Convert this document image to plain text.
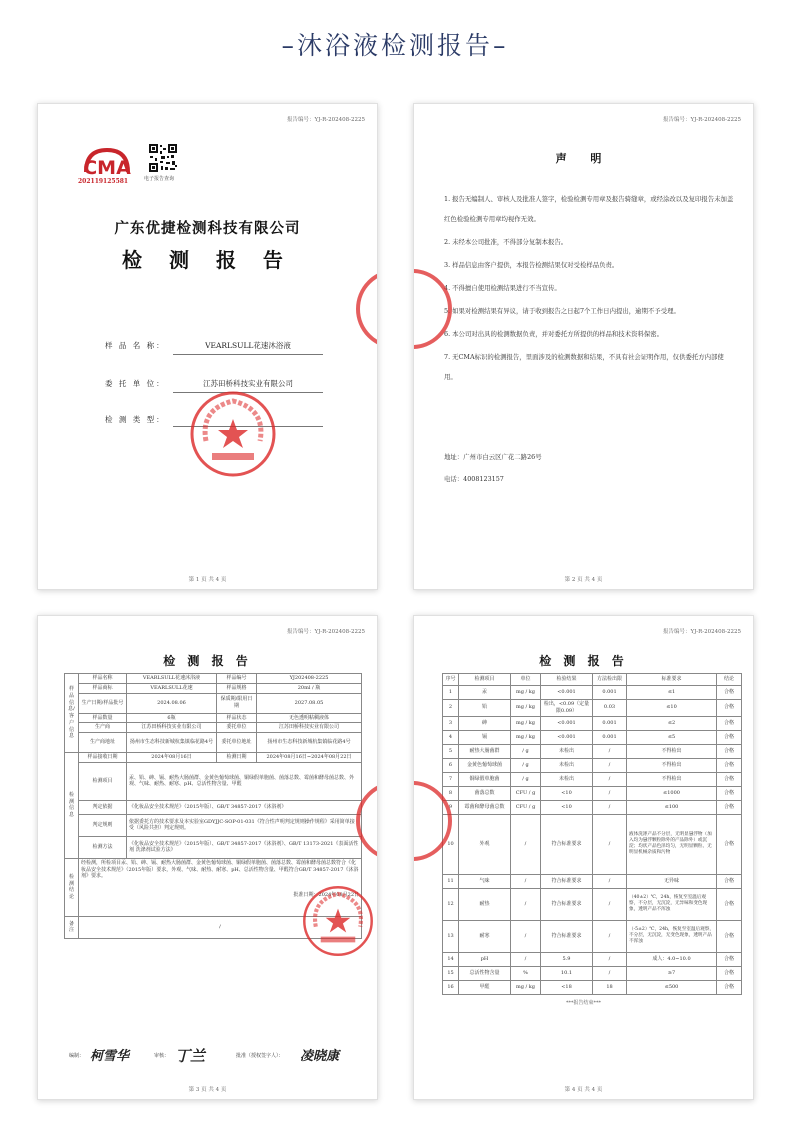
–沐浴液检测报告–
报告编号：YJ-R-202408-2225
CMA
202119125581	电子报告查询
广东优捷检测科技有限公司
检 测 报 告
样 品 名 称：	VEARLSULL花速沐浴液
委 托 单 位：	江苏田桥科技实业有限公司
检 测 类 型：
第 1 页 共 4 页
报告编号：YJ-R-202408-2225
声 明

1. 报告无编制人、审核人及批准人签字，检验检测专用章及报告骑缝章，或经涂改以及复印报告未加盖红色检验检测专用章均视作无效。

2. 未经本公司批准，不得部分复制本报告。

3. 样品信息由客户提供，本报告检测结果仅对受检样品负责。

4. 不得擅自使用检测结果进行不当宣传。

5. 如果对检测结果有异议，请于收到报告之日起7个工作日内提出，逾期不予受理。

6. 本公司对出具的检测数据负责，并对委托方所提供的样品和技术资料保密。

7. 无CMA标识的检测报告，里面涉及的检测数据和结果，不具有社会证明作用，仅供委托方内部使用。

地址：广州市白云区广花二路26号
电话：4008123157
第 2 页 共 4 页
报告编号：YJ-R-202408-2225
检 测 报 告
样品信息/客户信息	样品名称	VEARLSULL花速沐浴液	样品编号	YJ202408-2225
	样品商标	VEARLSULL花速	样品规格	20ml / 瓶
	生产日期/样品批号	2024.08.06	保质期/限用日期	2027.08.05
	样品数量	6瓶	样品状态	无色透明粘稠液体
	生产商	江苏田桥科技实业有限公司	委托单位	江苏田桥科技实业有限公司
	生产商地址	扬州市生态科技新城杭集镇临花路4号	委托单位地址	扬州市生态科技新城杭集镇临花路4号
检测信息	样品接收日期	2024年08月16日	检测日期	2024年08月16日~2024年08月22日
	检测项目	汞、铅、砷、镉、耐热大肠菌群、金黄色葡萄球菌、铜绿假单胞菌、菌落总数、霉菌和酵母菌总数、外观、气味、耐热、耐寒、pH、总活性物含量、甲醛		
	判定依据	《化妆品安全技术规范》（2015年版）、GB/T 34857-2017《沐浴剂》		
	判定规则	依据委托方的技术要求及本实验室GDYJJC-SOP-01-031《符合性声明判定规则操作规程》采用简单接受（风险共担）判定规则。		
	检测方法	《化妆品安全技术规范》（2015年版）、GB/T 34857-2017《沐浴剂》、GB/T 13173-2021《表面活性剂 洗涤剂试验方法》		
检测结论	经检测，所检项目汞、铅、砷、镉、耐热大肠菌群、金黄色葡萄球菌、铜绿假单胞菌、菌落总数、霉菌和酵母菌总数符合《化妆品安全技术规范》（2015年版）要求，外观、气味、耐热、耐寒、pH、总活性物含量、甲醛符合GB/T 34857-2017《沐浴剂》要求。
批准日期：2024年08月22日			

备注	/			
编制： 柯雪华	审核： 丁兰	批准（授权签字人）： 凌晓康
第 3 页 共 4 页
报告编号：YJ-R-202408-2225
检 测 报 告
序号	检测项目	单位	检验结果	方法检出限	标准要求	结论
1	汞	mg / kg	<0.001	0.001	≤1	合格
2	铅	mg / kg	检出，<0.09（定量限0.09）	0.03	≤10	合格
3	砷	mg / kg	<0.001	0.001	≤2	合格
4	镉	mg / kg	<0.001	0.001	≤5	合格
5	耐热大肠菌群	/ g	未检出	/	不得检出	合格
6	金黄色葡萄球菌	/ g	未检出	/	不得检出	合格
7	铜绿假单胞菌	/ g	未检出	/	不得检出	合格
8	菌落总数	CFU / g	<10	/	≤1000	合格
9	霉菌和酵母菌总数	CFU / g	<10	/	≤100	合格
10	外观	/	符合标准要求	/	液体洗涤产品不分层，无明显悬浮物（加入均为悬浮颗粒除外的产品除外）或沉淀；均状产品色泽均匀，无明显颗粒、无明显机械杂质和污物	合格
11	气味	/	符合标准要求	/	无异味	合格
12	耐热	/	符合标准要求	/	（40±2）℃，24h，恢复至室温后观察，不分层，无沉淀，无异味和变色现象，透明产品不浑浊	合格
13	耐寒	/	符合标准要求	/	（-5±2）℃，24h，恢复至室温后观察，不分层，无沉淀，无变色现象，透明产品不浑浊	合格
14	pH	/	5.9	/	成人：4.0~10.0	合格
15	总活性物含量	%	10.1	/	≥7	合格
16	甲醛	mg / kg	<18	18	≤500	合格
***报告结束***
第 4 页 共 4 页
